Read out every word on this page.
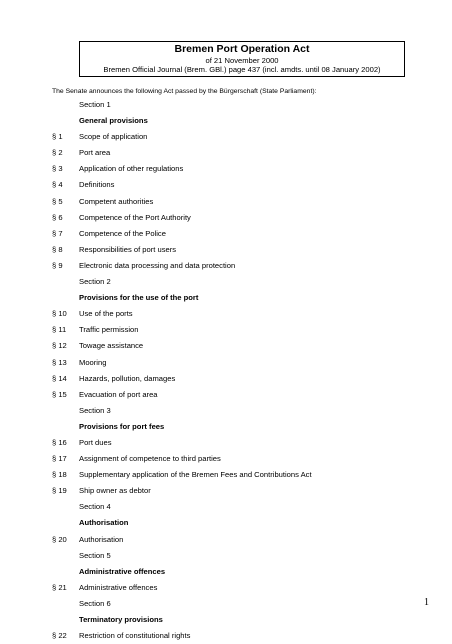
Bremen Port Operation Act
of 21 November 2000
Bremen Official Journal (Brem. GBl.) page 437 (incl. amdts. until 08 January 2002)
The Senate announces the following Act passed by the Bürgerschaft (State Parliament):
Section 1
General provisions
§ 1 Scope of application
§ 2 Port area
§ 3 Application of other regulations
§ 4 Definitions
§ 5 Competent authorities
§ 6 Competence of the Port Authority
§ 7 Competence of the Police
§ 8 Responsibilities of port users
§ 9 Electronic data processing and data protection
Section 2
Provisions for the use of the port
§ 10 Use of the ports
§ 11 Traffic permission
§ 12 Towage assistance
§ 13 Mooring
§ 14 Hazards, pollution, damages
§ 15 Evacuation of port area
Section 3
Provisions for port fees
§ 16 Port dues
§ 17 Assignment of competence to third parties
§ 18 Supplementary application of the Bremen Fees and Contributions Act
§ 19 Ship owner as debtor
Section 4
Authorisation
§ 20 Authorisation
Section 5
Administrative offences
§ 21 Administrative offences
Section 6
Terminatory provisions
§ 22 Restriction of constitutional rights
1
